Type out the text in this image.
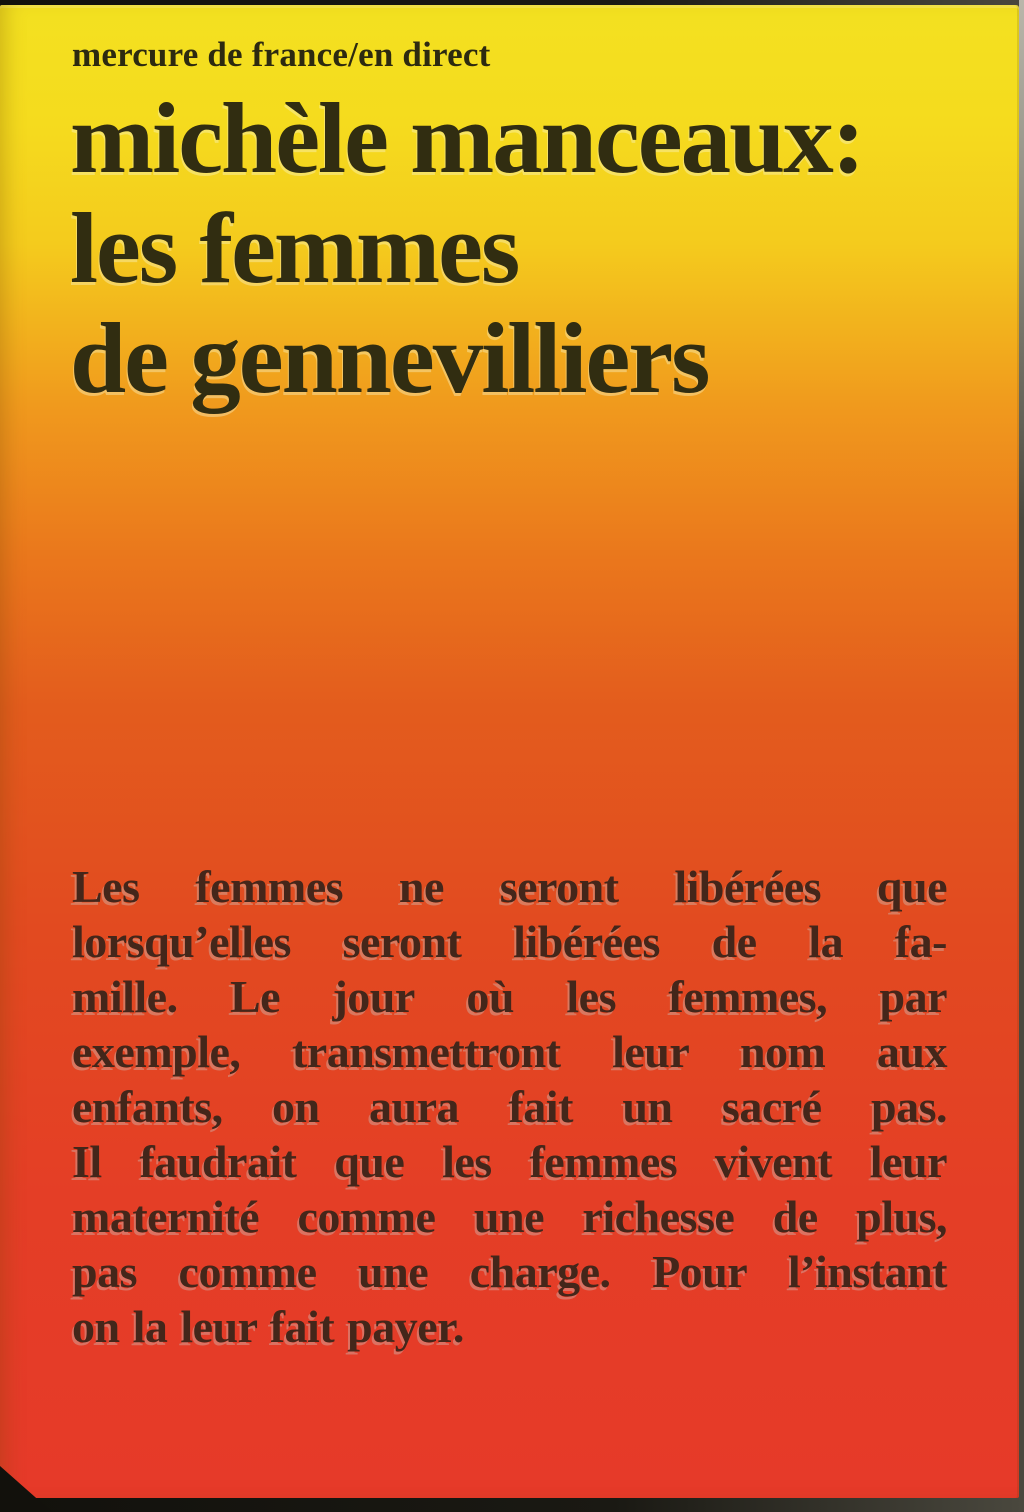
mercure de france/en direct
michèle manceaux:
les femmes
de gennevilliers
Les femmes ne seront libérées que
lorsqu’elles seront libérées de la fa-
mille. Le jour où les femmes, par
exemple, transmettront leur nom aux
enfants, on aura fait un sacré pas.
Il faudrait que les femmes vivent leur
maternité comme une richesse de plus,
pas comme une charge. Pour l’instant
on la leur fait payer.
